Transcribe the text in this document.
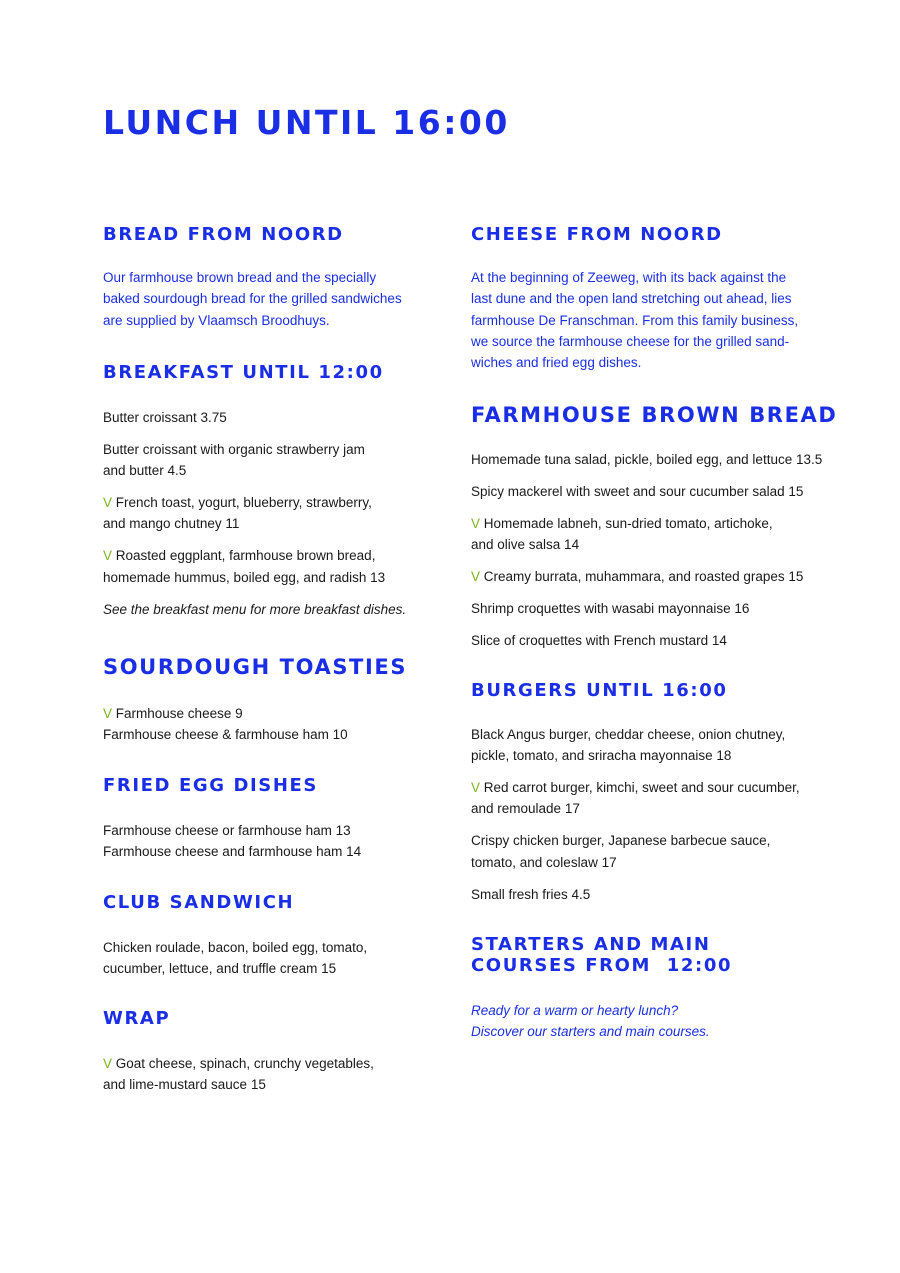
LUNCH UNTIL 16:00
BREAD FROM NOORD
Our farmhouse brown bread and the specially
baked sourdough bread for the grilled sandwiches
are supplied by Vlaamsch Broodhuys.
BREAKFAST UNTIL 12:00
Butter croissant 3.75
Butter croissant with organic strawberry jam
and butter 4.5
V French toast, yogurt, blueberry, strawberry,
and mango chutney 11
V Roasted eggplant, farmhouse brown bread,
homemade hummus, boiled egg, and radish 13
See the breakfast menu for more breakfast dishes.
SOURDOUGH TOASTIES
V Farmhouse cheese 9
Farmhouse cheese & farmhouse ham 10
FRIED EGG DISHES
Farmhouse cheese or farmhouse ham 13
Farmhouse cheese and farmhouse ham 14
CLUB SANDWICH
Chicken roulade, bacon, boiled egg, tomato,
cucumber, lettuce, and truffle cream 15
WRAP
V Goat cheese, spinach, crunchy vegetables,
and lime-mustard sauce 15
CHEESE FROM NOORD
At the beginning of Zeeweg, with its back against the
last dune and the open land stretching out ahead, lies
farmhouse De Franschman. From this family business,
we source the farmhouse cheese for the grilled sand-
wiches and fried egg dishes.
FARMHOUSE BROWN BREAD
Homemade tuna salad, pickle, boiled egg, and lettuce 13.5
Spicy mackerel with sweet and sour cucumber salad 15
V Homemade labneh, sun-dried tomato, artichoke,
and olive salsa 14
V Creamy burrata, muhammara, and roasted grapes 15
Shrimp croquettes with wasabi mayonnaise 16
Slice of croquettes with French mustard 14
BURGERS UNTIL 16:00
Black Angus burger, cheddar cheese, onion chutney,
pickle, tomato, and sriracha mayonnaise 18
V Red carrot burger, kimchi, sweet and sour cucumber,
and remoulade 17
Crispy chicken burger, Japanese barbecue sauce,
tomato, and coleslaw 17
Small fresh fries 4.5
STARTERS AND MAIN
COURSES FROM  12:00
Ready for a warm or hearty lunch?
Discover our starters and main courses.
